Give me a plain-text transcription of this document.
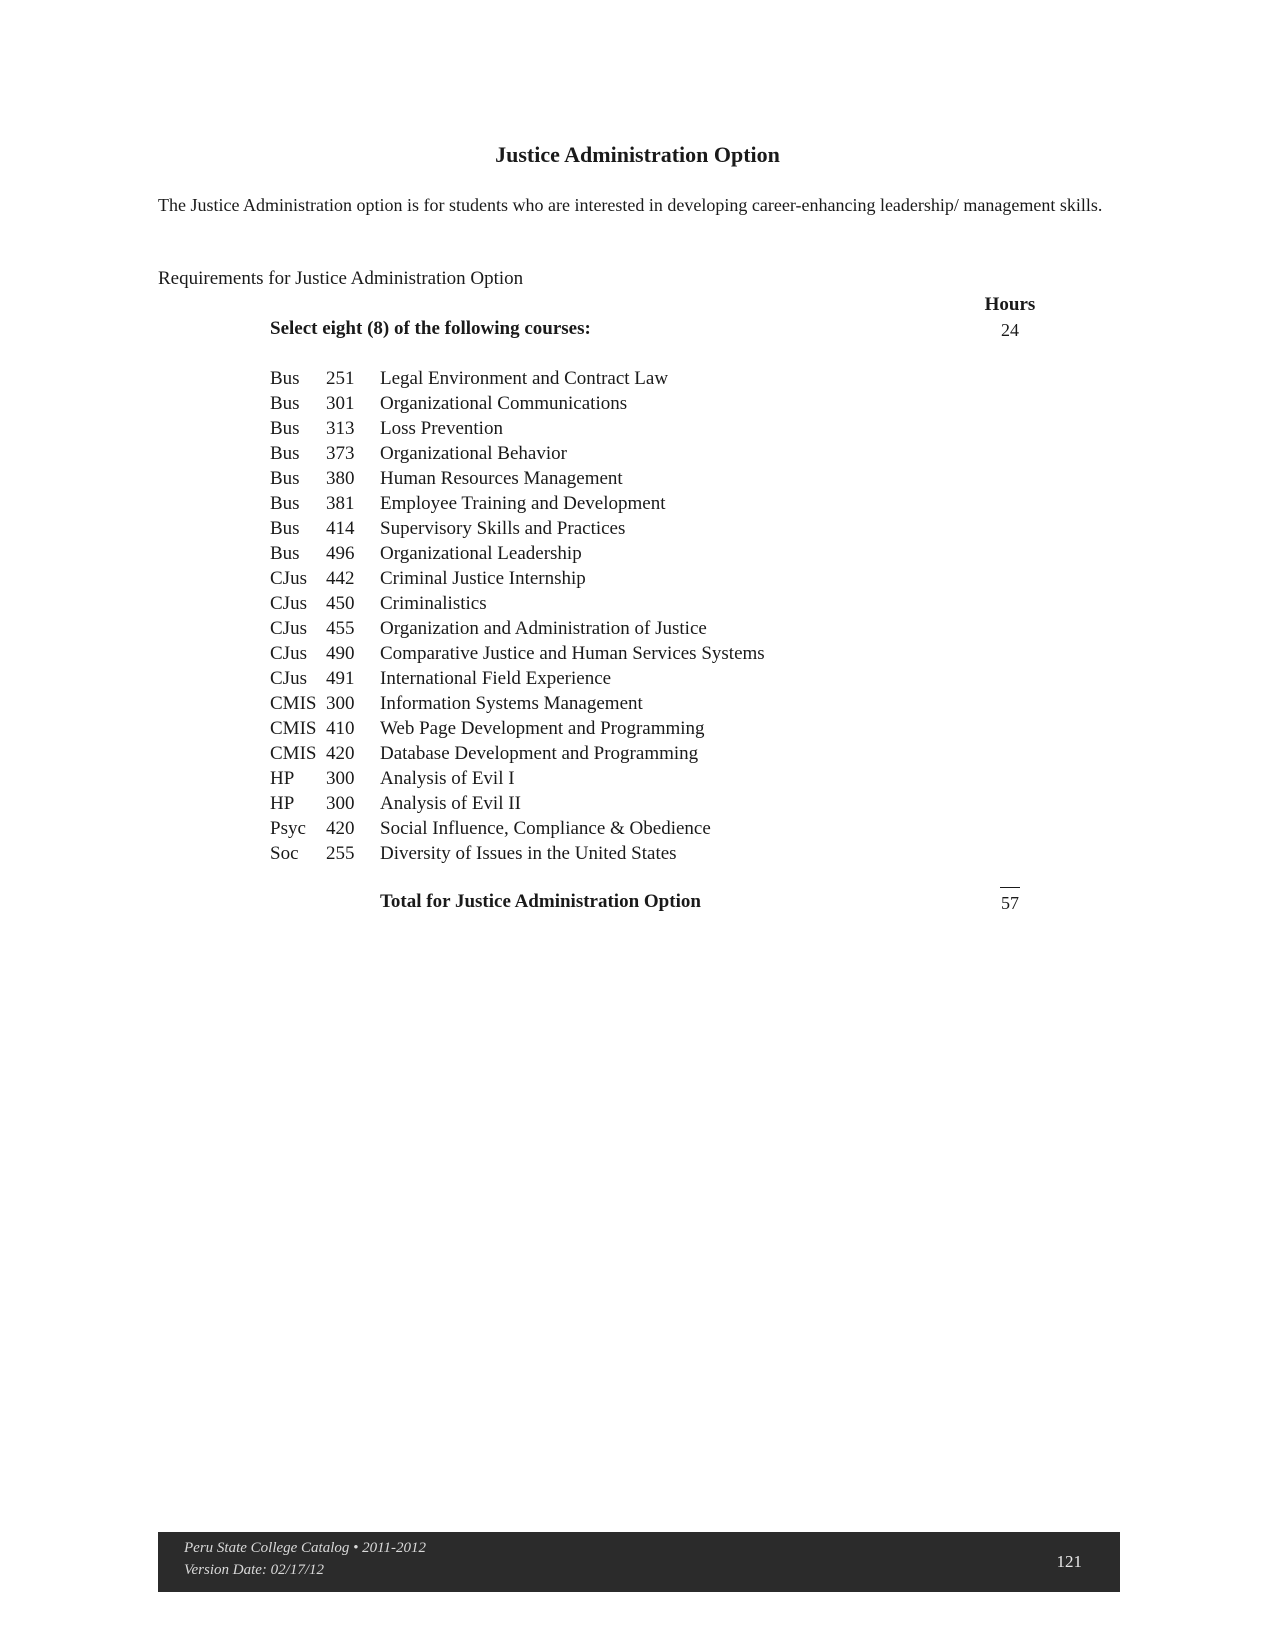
Justice Administration Option
The Justice Administration option is for students who are interested in developing career-enhancing leadership/ management skills.
Requirements for Justice Administration Option
Hours
Select eight (8) of the following courses:	24
Bus	251	Legal Environment and Contract Law
Bus	301	Organizational Communications
Bus	313	Loss Prevention
Bus	373	Organizational Behavior
Bus	380	Human Resources Management
Bus	381	Employee Training and Development
Bus	414	Supervisory Skills and Practices
Bus	496	Organizational Leadership
CJus	442	Criminal Justice Internship
CJus	450	Criminalistics
CJus	455	Organization and Administration of Justice
CJus	490	Comparative Justice and Human Services Systems
CJus	491	International Field Experience
CMIS 300	Information Systems Management
CMIS 410	Web Page Development and Programming
CMIS 420	Database Development and Programming
HP	300	Analysis of Evil I
HP	300	Analysis of Evil II
Psyc	420	Social Influence, Compliance & Obedience
Soc	255	Diversity of Issues in the United States
Total for Justice Administration Option	57
Peru State College Catalog • 2011-2012
Version Date: 02/17/12	121
